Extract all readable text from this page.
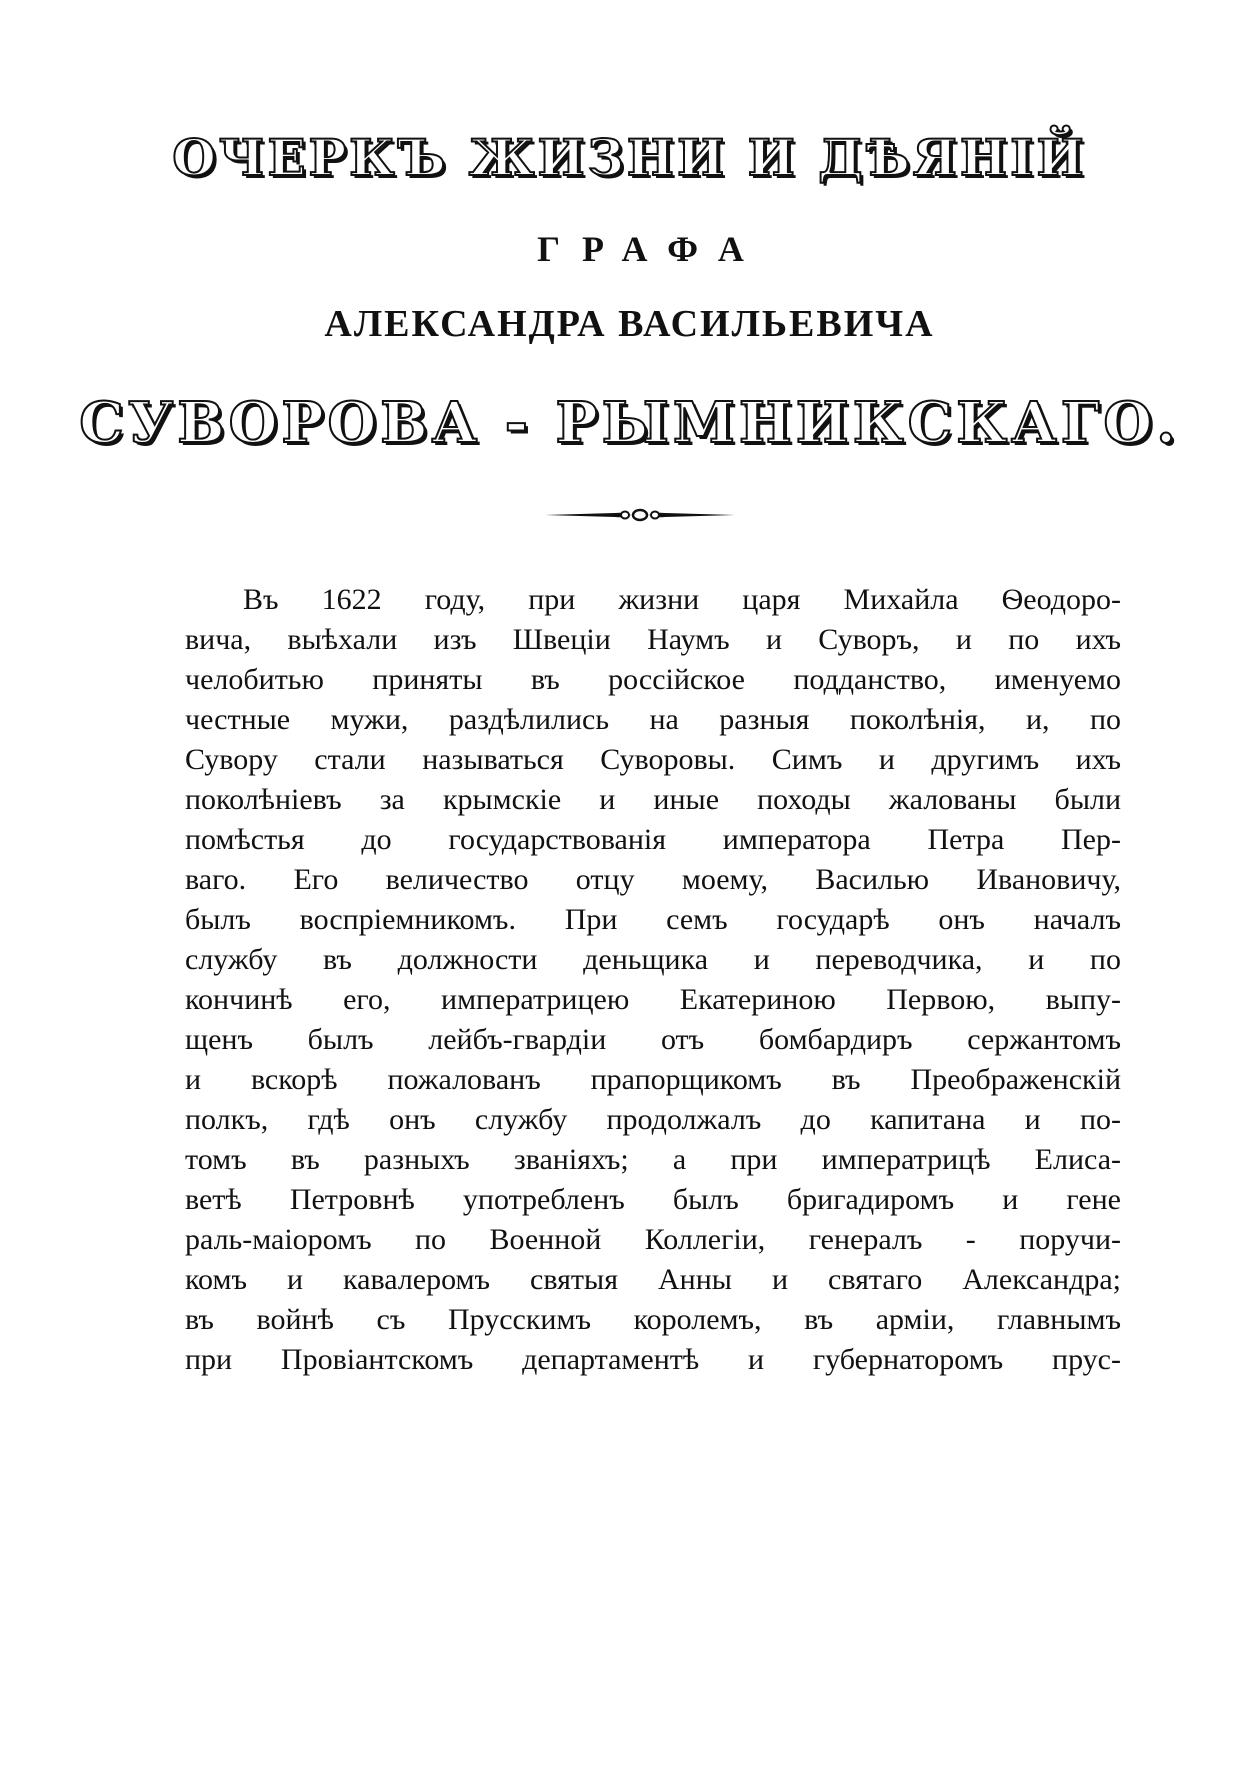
ОЧЕРКЪ ЖИЗНИ И ДѢЯНІЙ
ГРАФА
АЛЕКСАНДРА ВАСИЛЬЕВИЧА
СУВОРОВА - РЫМНИКСКАГО.
Въ 1622 году, при жизни царя Михайла Ѳеодоро-
вича, выѣхали изъ Швеціи Наумъ и Суворъ, и по ихъ
челобитью приняты въ россійское подданство, именуемо
честные мужи, раздѣлились на разныя поколѣнія, и, по
Сувору стали называться Суворовы. Симъ и другимъ ихъ
поколѣніевъ за крымскіе и иные походы жалованы были
помѣстья до государствованія императора Петра Пер-
ваго. Его величество отцу моему, Василью Ивановичу,
былъ воспріемникомъ. При семъ государѣ онъ началъ
службу въ должности деньщика и переводчика, и по
кончинѣ его, императрицею Екатериною Первою, выпу-
щенъ былъ лейбъ-гвардіи отъ бомбардиръ сержантомъ
и вскорѣ пожалованъ прапорщикомъ въ Преображенскій
полкъ, гдѣ онъ службу продолжалъ до капитана и по-
томъ въ разныхъ званіяхъ; а при императрицѣ Елиса-
ветѣ Петровнѣ употребленъ былъ бригадиромъ и гене
раль-маіоромъ по Военной Коллегіи, генералъ - поручи-
комъ и кавалеромъ святыя Анны и святаго Александра;
въ войнѣ съ Прусскимъ королемъ, въ арміи, главнымъ
при Провіантскомъ департаментѣ и губернаторомъ прус-
